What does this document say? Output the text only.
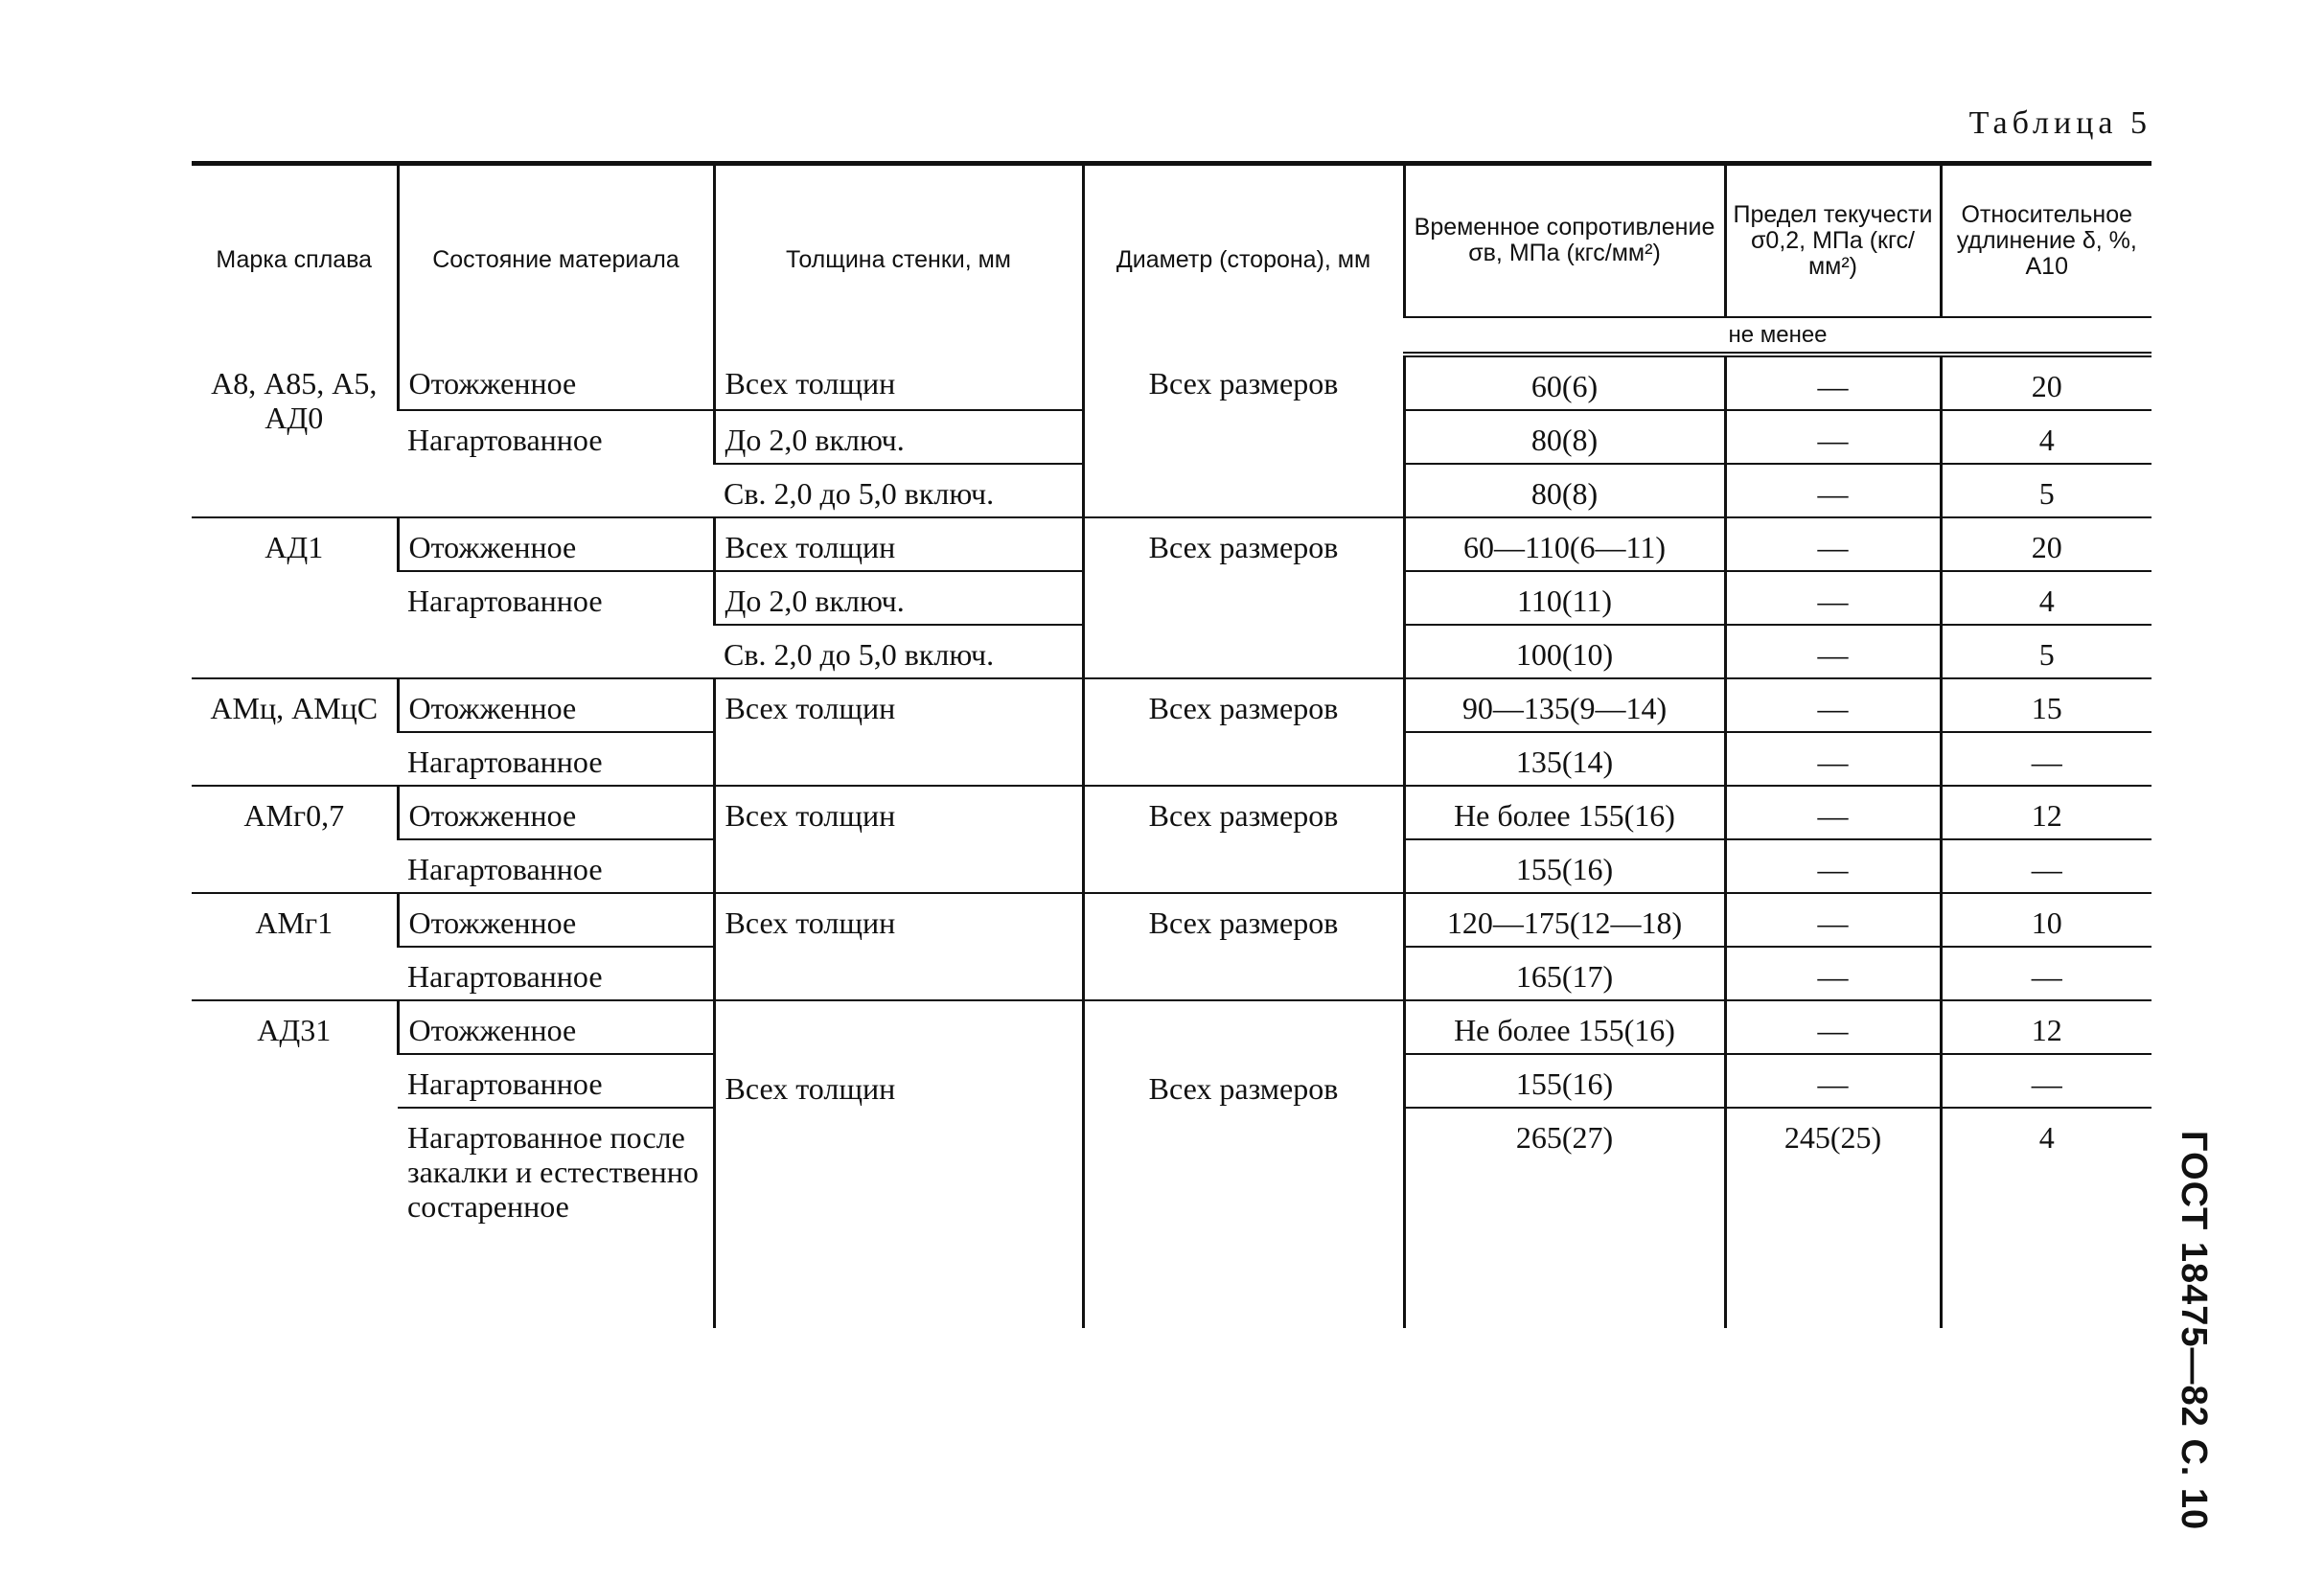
Таблица 5
Марка сплава	Состояние материала	Толщина стенки, мм	Диаметр (сторона), мм	Временное сопротивление σв, МПа (кгс/мм²)	Предел текучести σ0,2, МПа (кгс/мм²)	Относительное удлинение δ, %, A10
				не менее		
А8, А85, А5, АД0	Отожженное	Всех толщин	Всех размеров	60(6)	—	20
	Нагартованное	До 2,0 включ.		80(8)	—	4
		Св. 2,0 до 5,0 включ.		80(8)	—	5
АД1	Отожженное	Всех толщин	Всех размеров	60—110(6—11)	—	20
	Нагартованное	До 2,0 включ.		110(11)	—	4
		Св. 2,0 до 5,0 включ.		100(10)	—	5
АМц, АМцС	Отожженное	Всех толщин	Всех размеров	90—135(9—14)	—	15
	Нагартованное			135(14)	—	—
АМг0,7	Отожженное	Всех толщин	Всех размеров	Не более 155(16)	—	12
	Нагартованное			155(16)	—	—
АМг1	Отожженное	Всех толщин	Всех размеров	120—175(12—18)	—	10
	Нагартованное			165(17)	—	—
АД31	Отожженное	Всех толщин	Всех размеров	Не более 155(16)	—	12
	Нагартованное			155(16)	—	—
	Нагартованное после закалки и естественно состаренное			265(27)	245(25)	4	ГОСТ 18475—82 С. 10
